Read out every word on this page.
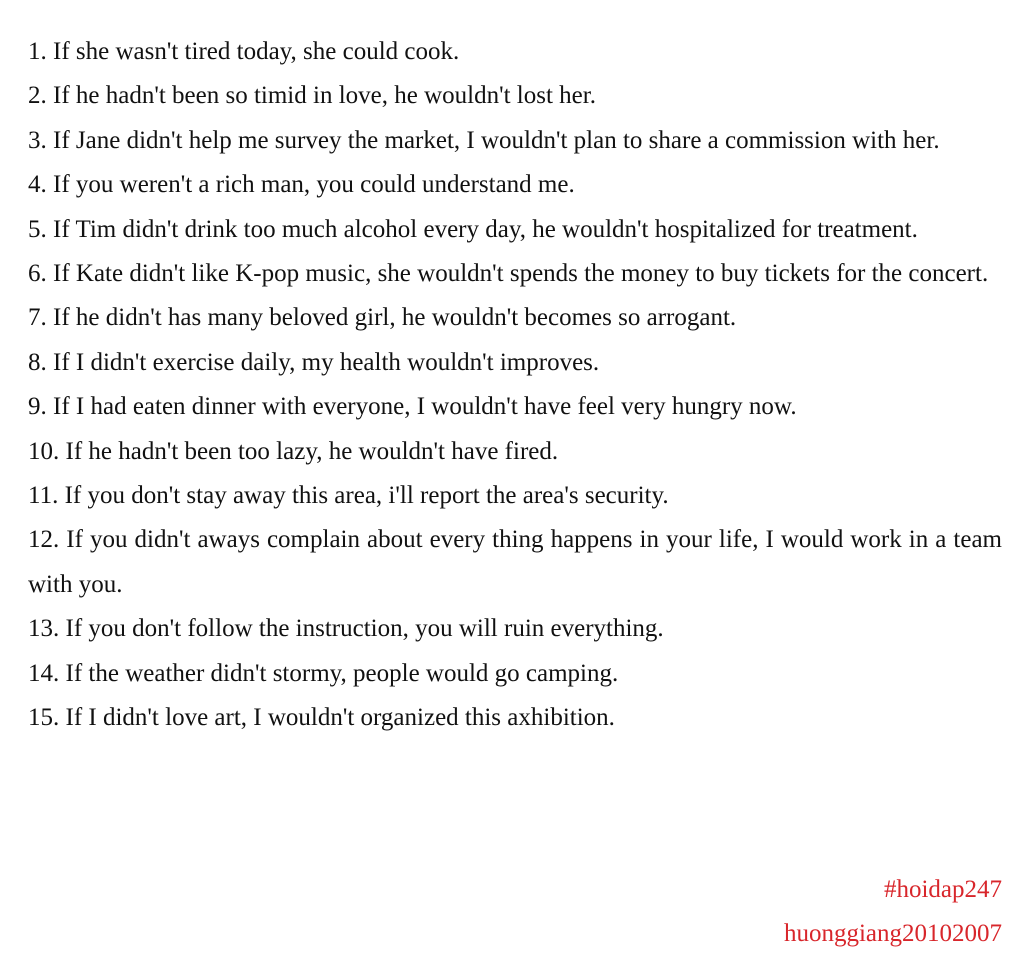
1. If she wasn't tired today, she could cook.

2. If he hadn't been so timid in love, he wouldn't lost her.

3. If Jane didn't help me survey the market, I wouldn't plan to share a commission with her.

4. If you weren't a rich man, you could understand me.

5. If Tim didn't drink too much alcohol every day, he wouldn't hospitalized for treatment.

6. If Kate didn't like K-pop music, she wouldn't spends the money to buy tickets for the concert.

7. If he didn't has many beloved girl, he wouldn't becomes so arrogant.

8. If I didn't exercise daily, my health wouldn't improves.

9. If I had eaten dinner with everyone, I wouldn't have feel very hungry now.

10. If he hadn't been too lazy, he wouldn't have fired.

11. If you don't stay away this area, i'll report the area's security.

12. If you didn't aways complain about every thing happens in your life, I would work in a team with you.

13. If you don't follow the instruction, you will ruin everything.

14. If the weather didn't stormy, people would go camping.

15. If I didn't love art, I wouldn't organized this axhibition.

#hoidap247
huonggiang20102007
